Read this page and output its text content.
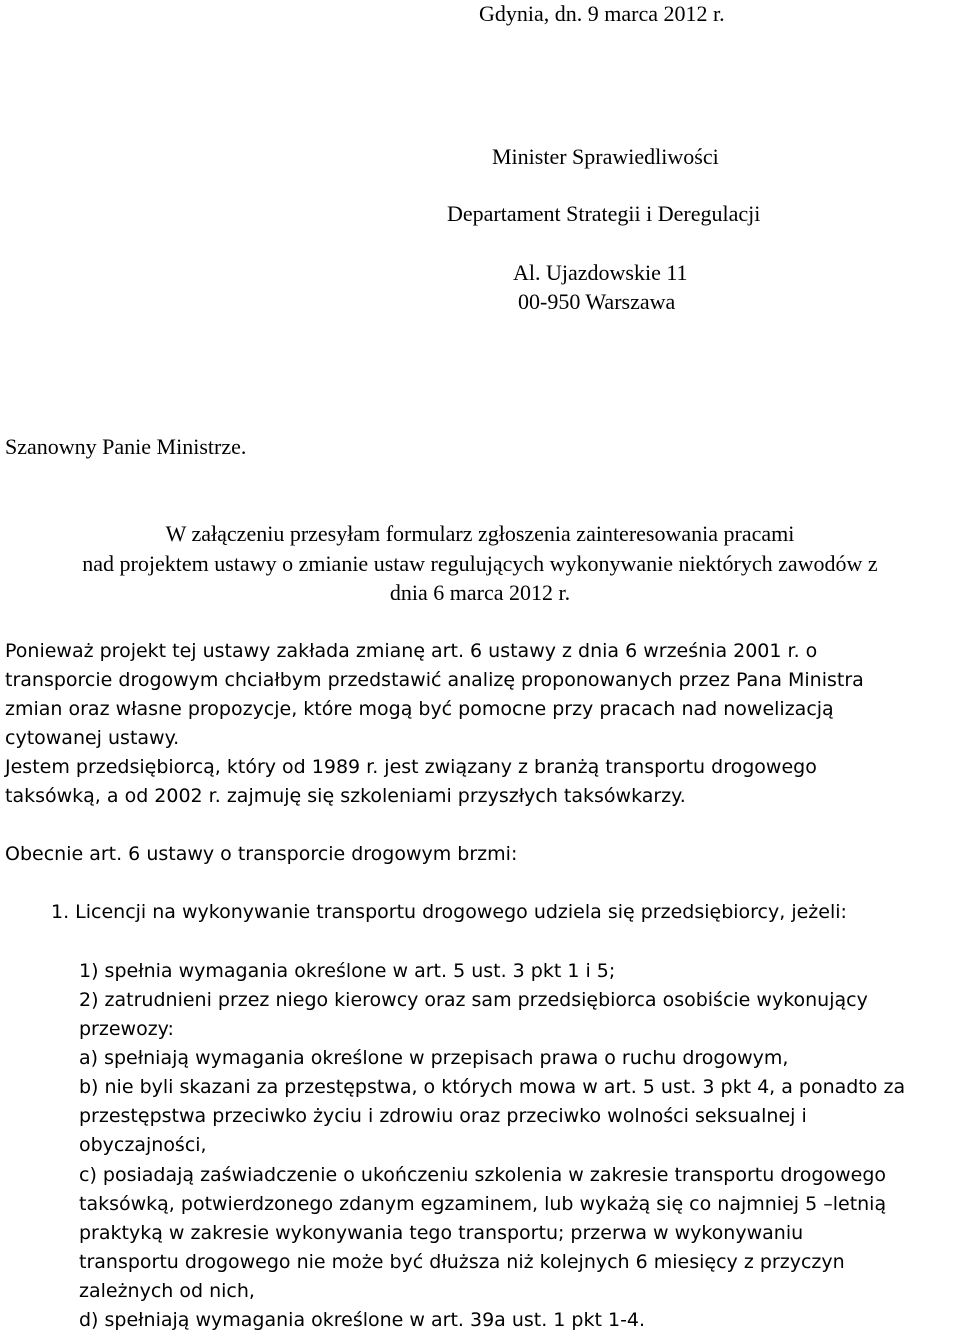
Gdynia, dn. 9 marca 2012 r.
Minister Sprawiedliwości
Departament Strategii i Deregulacji
Al. Ujazdowskie 11
00-950 Warszawa
Szanowny Panie Ministrze.
W załączeniu przesyłam formularz zgłoszenia zainteresowania pracami
nad projektem ustawy o zmianie ustaw regulujących wykonywanie niektórych zawodów z
dnia 6 marca 2012 r.
Ponieważ projekt tej ustawy zakłada zmianę art. 6 ustawy z dnia 6 września 2001 r. o
transporcie drogowym chciałbym przedstawić analizę proponowanych przez Pana Ministra
zmian oraz własne propozycje, które mogą być pomocne przy pracach nad nowelizacją
cytowanej ustawy.
Jestem przedsiębiorcą, który od 1989 r. jest związany z branżą transportu drogowego
taksówką, a od 2002 r. zajmuję się szkoleniami przyszłych taksówkarzy.
Obecnie art. 6 ustawy o transporcie drogowym brzmi:
1. Licencji na wykonywanie transportu drogowego udziela się przedsiębiorcy, jeżeli:
1) spełnia wymagania określone w art. 5 ust. 3 pkt 1 i 5;
2) zatrudnieni przez niego kierowcy oraz sam przedsiębiorca osobiście wykonujący
przewozy:
a) spełniają wymagania określone w przepisach prawa o ruchu drogowym,
b) nie byli skazani za przestępstwa, o których mowa w art. 5 ust. 3 pkt 4, a ponadto za
przestępstwa przeciwko życiu i zdrowiu oraz przeciwko wolności seksualnej i
obyczajności,
c) posiadają zaświadczenie o ukończeniu szkolenia w zakresie transportu drogowego
taksówką, potwierdzonego zdanym egzaminem, lub wykażą się co najmniej 5 –letnią
praktyką w zakresie wykonywania tego transportu; przerwa w wykonywaniu
transportu drogowego nie może być dłuższa niż kolejnych 6 miesięcy z przyczyn
zależnych od nich,
d) spełniają wymagania określone w art. 39a ust. 1 pkt 1-4.
